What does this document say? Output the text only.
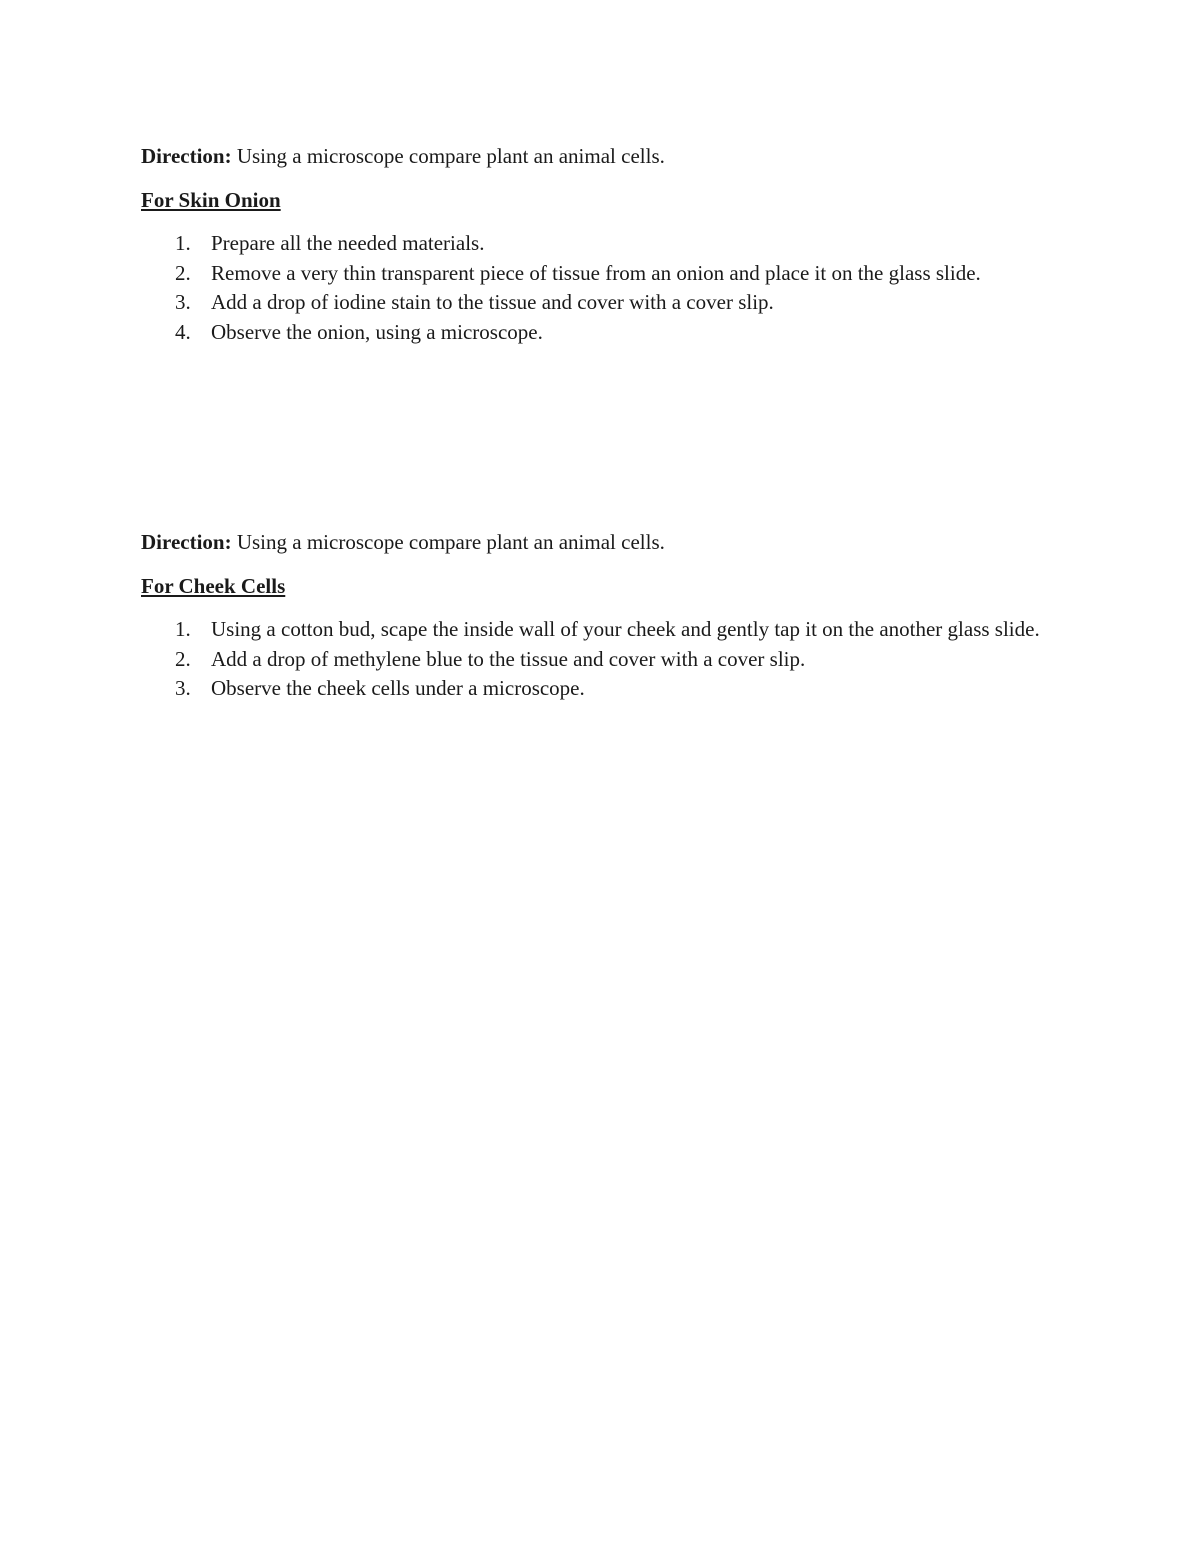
Direction: Using a microscope compare plant an animal cells.

For Skin Onion
1. Prepare all the needed materials.
2. Remove a very thin transparent piece of tissue from an onion and place it on the glass slide.
3. Add a drop of iodine stain to the tissue and cover with a cover slip.
4. Observe the onion, using a microscope.

Direction: Using a microscope compare plant an animal cells.

For Cheek Cells
1. Using a cotton bud, scape the inside wall of your cheek and gently tap it on the another glass slide.
2. Add a drop of methylene blue to the tissue and cover with a cover slip.
3. Observe the cheek cells under a microscope.
